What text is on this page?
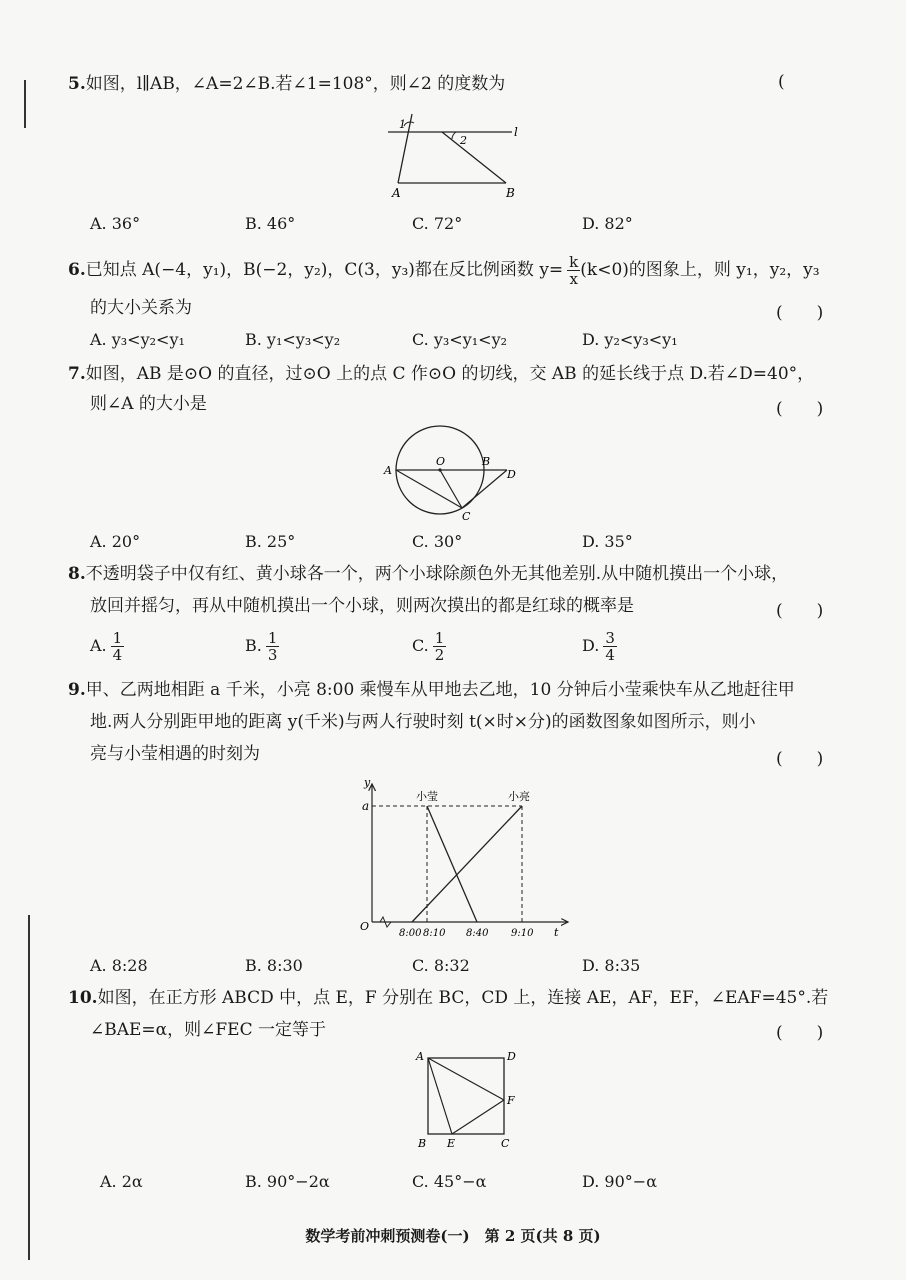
5.如图，l∥AB，∠A=2∠B.若∠1=108°，则∠2 的度数为	(
1
2
l
A	B
A. 36°	B. 46°	C. 72°	D. 82°
6.已知点 A(−4，y₁)，B(−2，y₂)，C(3，y₃)都在反比例函数 $y= \frac{k}{x} (k<0)$的图象上，则 y₁，y₂，y₃
的大小关系为	(　　)
A. y₃<y₂<y₁	B. y₁<y₃<y₂	C. y₃<y₁<y₂	D. y₂<y₃<y₁
7.如图，AB 是⊙O 的直径，过⊙O 上的点 C 作⊙O 的切线，交 AB 的延长线于点 D.若∠D=40°，
则∠A 的大小是	(　　)
A
O	B
D
C
A. 20°	B. 25°	C. 30°	D. 35°
8.不透明袋子中仅有红、黄小球各一个，两个小球除颜色外无其他差别.从中随机摸出一个小球，
放回并摇匀，再从中随机摸出一个小球，则两次摸出的都是红球的概率是	(　　)
A. $\frac{1}{4}$	B. $\frac{1}{3}$	C. $\frac{1}{2}$	D. $\frac{3}{4}$
9.甲、乙两地相距 a 千米，小亮 8:00 乘慢车从甲地去乙地，10 分钟后小莹乘快车从乙地赶往甲
地.两人分别距甲地的距离 y(千米)与两人行驶时刻 t(×时×分)的函数图象如图所示，则小
亮与小莹相遇的时刻为	(　　)
y
a
O	t
小莹	小亮
8:00 8:10 8:40 9:10
A. 8:28	B. 8:30	C. 8:32	D. 8:35
10.如图，在正方形 ABCD 中，点 E，F 分别在 BC，CD 上，连接 AE，AF，EF，∠EAF=45°.若
∠BAE=α，则∠FEC 一定等于	(　　)
A	D
F
B E	C
A. 2α	B. 90°−2α	C. 45°−α	D. 90°−α
数学考前冲刺预测卷(一)　第 2 页(共 8 页)
